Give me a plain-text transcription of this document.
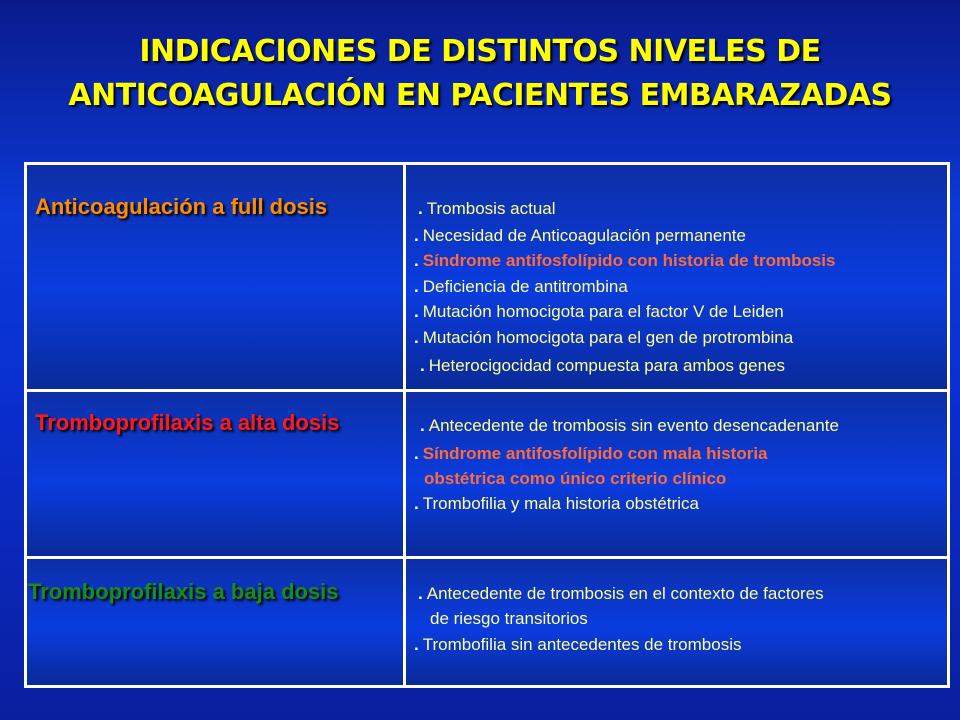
INDICACIONES DE DISTINTOS NIVELES DE
ANTICOAGULACIÓN EN PACIENTES EMBARAZADAS
Anticoagulación a full dosis
Tromboprofilaxis a alta dosis
Tromboprofilaxis a baja dosis
. Trombosis actual
. Necesidad de Anticoagulación permanente
. Síndrome antifosfolípido con historia de trombosis
. Deficiencia de antitrombina
. Mutación homocigota para el factor V de Leiden
. Mutación homocigota para el gen de protrombina
. Heterocigocidad compuesta para ambos genes
. Antecedente de trombosis sin evento desencadenante
. Síndrome antifosfolípido con mala historia
obstétrica como único criterio clínico
. Trombofilia y mala historia obstétrica
. Antecedente de trombosis en el contexto de factores
de riesgo transitorios
. Trombofilia sin antecedentes de trombosis
